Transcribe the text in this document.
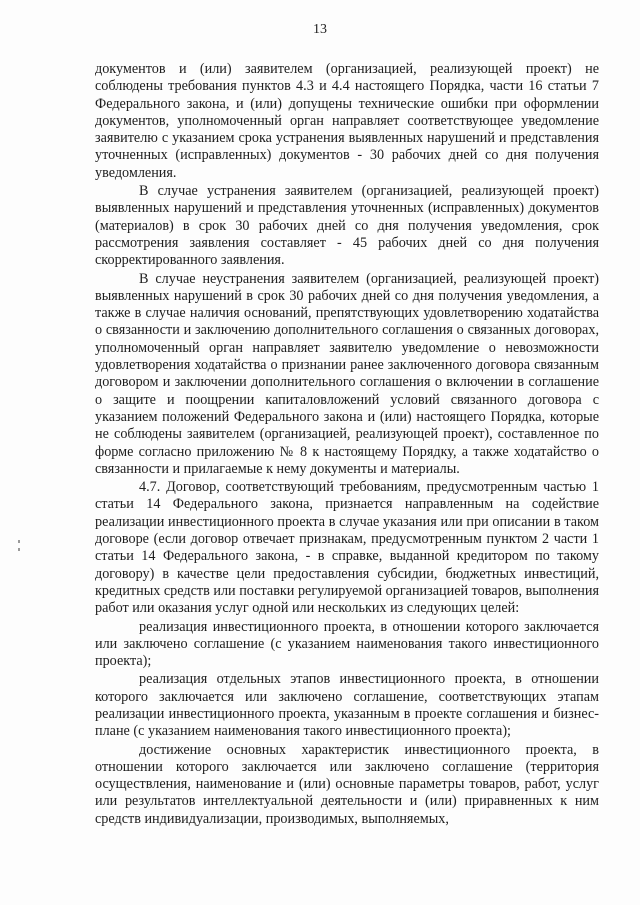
13

документов и (или) заявителем (организацией, реализующей проект) не соблюдены требования пунктов 4.3 и 4.4 настоящего Порядка, части 16 статьи 7 Федерального закона, и (или) допущены технические ошибки при оформлении документов, уполномоченный орган направляет соответствующее уведомление заявителю с указанием срока устранения выявленных нарушений и представления уточненных (исправленных) документов - 30 рабочих дней со дня получения уведомления.

В случае устранения заявителем (организацией, реализующей проект) выявленных нарушений и представления уточненных (исправленных) документов (материалов) в срок 30 рабочих дней со дня получения уведомления, срок рассмотрения заявления составляет - 45 рабочих дней со дня получения скорректированного заявления.

В случае неустранения заявителем (организацией, реализующей проект) выявленных нарушений в срок 30 рабочих дней со дня получения уведомления, а также в случае наличия оснований, препятствующих удовлетворению ходатайства о связанности и заключению дополнительного соглашения о связанных договорах, уполномоченный орган направляет заявителю уведомление о невозможности удовлетворения ходатайства о признании ранее заключенного договора связанным договором и заключении дополнительного соглашения о включении в соглашение о защите и поощрении капиталовложений условий связанного договора с указанием положений Федерального закона и (или) настоящего Порядка, которые не соблюдены заявителем (организацией, реализующей проект), составленное по форме согласно приложению № 8 к настоящему Порядку, а также ходатайство о связанности и прилагаемые к нему документы и материалы.

4.7. Договор, соответствующий требованиям, предусмотренным частью 1 статьи 14 Федерального закона, признается направленным на содействие реализации инвестиционного проекта в случае указания или при описании в таком договоре (если договор отвечает признакам, предусмотренным пунктом 2 части 1 статьи 14 Федерального закона, - в справке, выданной кредитором по такому договору) в качестве цели предоставления субсидии, бюджетных инвестиций, кредитных средств или поставки регулируемой организацией товаров, выполнения работ или оказания услуг одной или нескольких из следующих целей:

реализация инвестиционного проекта, в отношении которого заключается или заключено соглашение (с указанием наименования такого инвестиционного проекта);

реализация отдельных этапов инвестиционного проекта, в отношении которого заключается или заключено соглашение, соответствующих этапам реализации инвестиционного проекта, указанным в проекте соглашения и бизнес-плане (с указанием наименования такого инвестиционного проекта);

достижение основных характеристик инвестиционного проекта, в отношении которого заключается или заключено соглашение (территория осуществления, наименование и (или) основные параметры товаров, работ, услуг или результатов интеллектуальной деятельности и (или) приравненных к ним средств индивидуализации, производимых, выполняемых,
